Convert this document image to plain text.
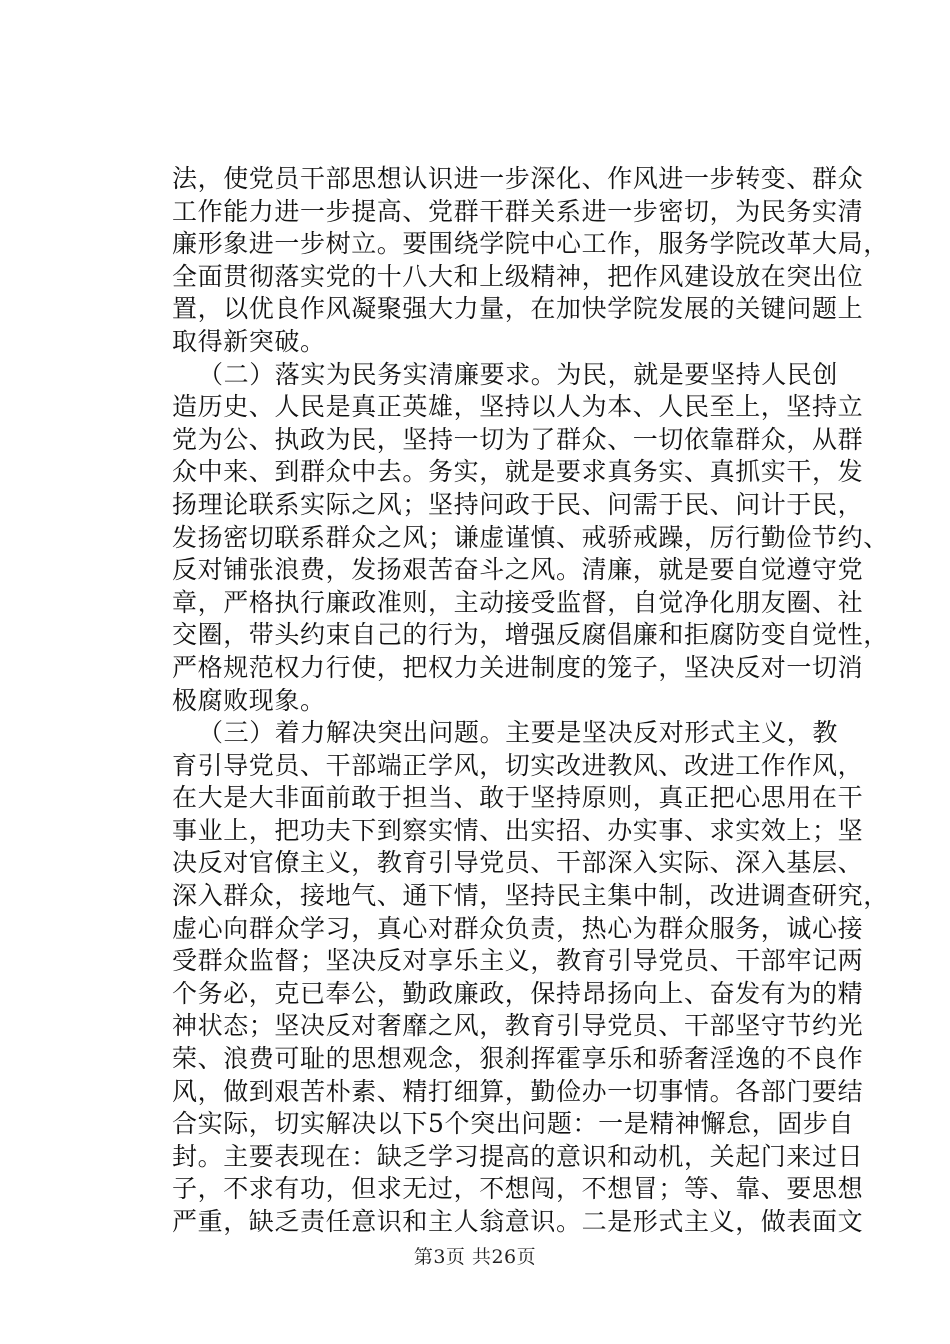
法，使党员干部思想认识进一步深化、作风进一步转变、群众
工作能力进一步提高、党群干群关系进一步密切，为民务实清
廉形象进一步树立。要围绕学院中心工作，服务学院改革大局，
全面贯彻落实党的十八大和上级精神，把作风建设放在突出位
置，以优良作风凝聚强大力量，在加快学院发展的关键问题上
取得新突破。
（二）落实为民务实清廉要求。为民，就是要坚持人民创
造历史、人民是真正英雄，坚持以人为本、人民至上，坚持立
党为公、执政为民，坚持一切为了群众、一切依靠群众，从群
众中来、到群众中去。务实，就是要求真务实、真抓实干，发
扬理论联系实际之风；坚持问政于民、问需于民、问计于民，
发扬密切联系群众之风；谦虚谨慎、戒骄戒躁，厉行勤俭节约、
反对铺张浪费，发扬艰苦奋斗之风。清廉，就是要自觉遵守党
章，严格执行廉政准则，主动接受监督，自觉净化朋友圈、社
交圈，带头约束自己的行为，增强反腐倡廉和拒腐防变自觉性，
严格规范权力行使，把权力关进制度的笼子，坚决反对一切消
极腐败现象。
（三）着力解决突出问题。主要是坚决反对形式主义，教
育引导党员、干部端正学风，切实改进教风、改进工作作风，
在大是大非面前敢于担当、敢于坚持原则，真正把心思用在干
事业上，把功夫下到察实情、出实招、办实事、求实效上；坚
决反对官僚主义，教育引导党员、干部深入实际、深入基层、
深入群众，接地气、通下情，坚持民主集中制，改进调查研究，
虚心向群众学习，真心对群众负责，热心为群众服务，诚心接
受群众监督；坚决反对享乐主义，教育引导党员、干部牢记两
个务必，克已奉公，勤政廉政，保持昂扬向上、奋发有为的精
神状态；坚决反对奢靡之风，教育引导党员、干部坚守节约光
荣、浪费可耻的思想观念，狠刹挥霍享乐和骄奢淫逸的不良作
风，做到艰苦朴素、精打细算，勤俭办一切事情。各部门要结
合实际，切实解决以下5个突出问题：一是精神懈怠，固步自
封。主要表现在：缺乏学习提高的意识和动机，关起门来过日
子，不求有功，但求无过，不想闯，不想冒；等、靠、要思想
严重，缺乏责任意识和主人翁意识。二是形式主义，做表面文
第3页 共26页
